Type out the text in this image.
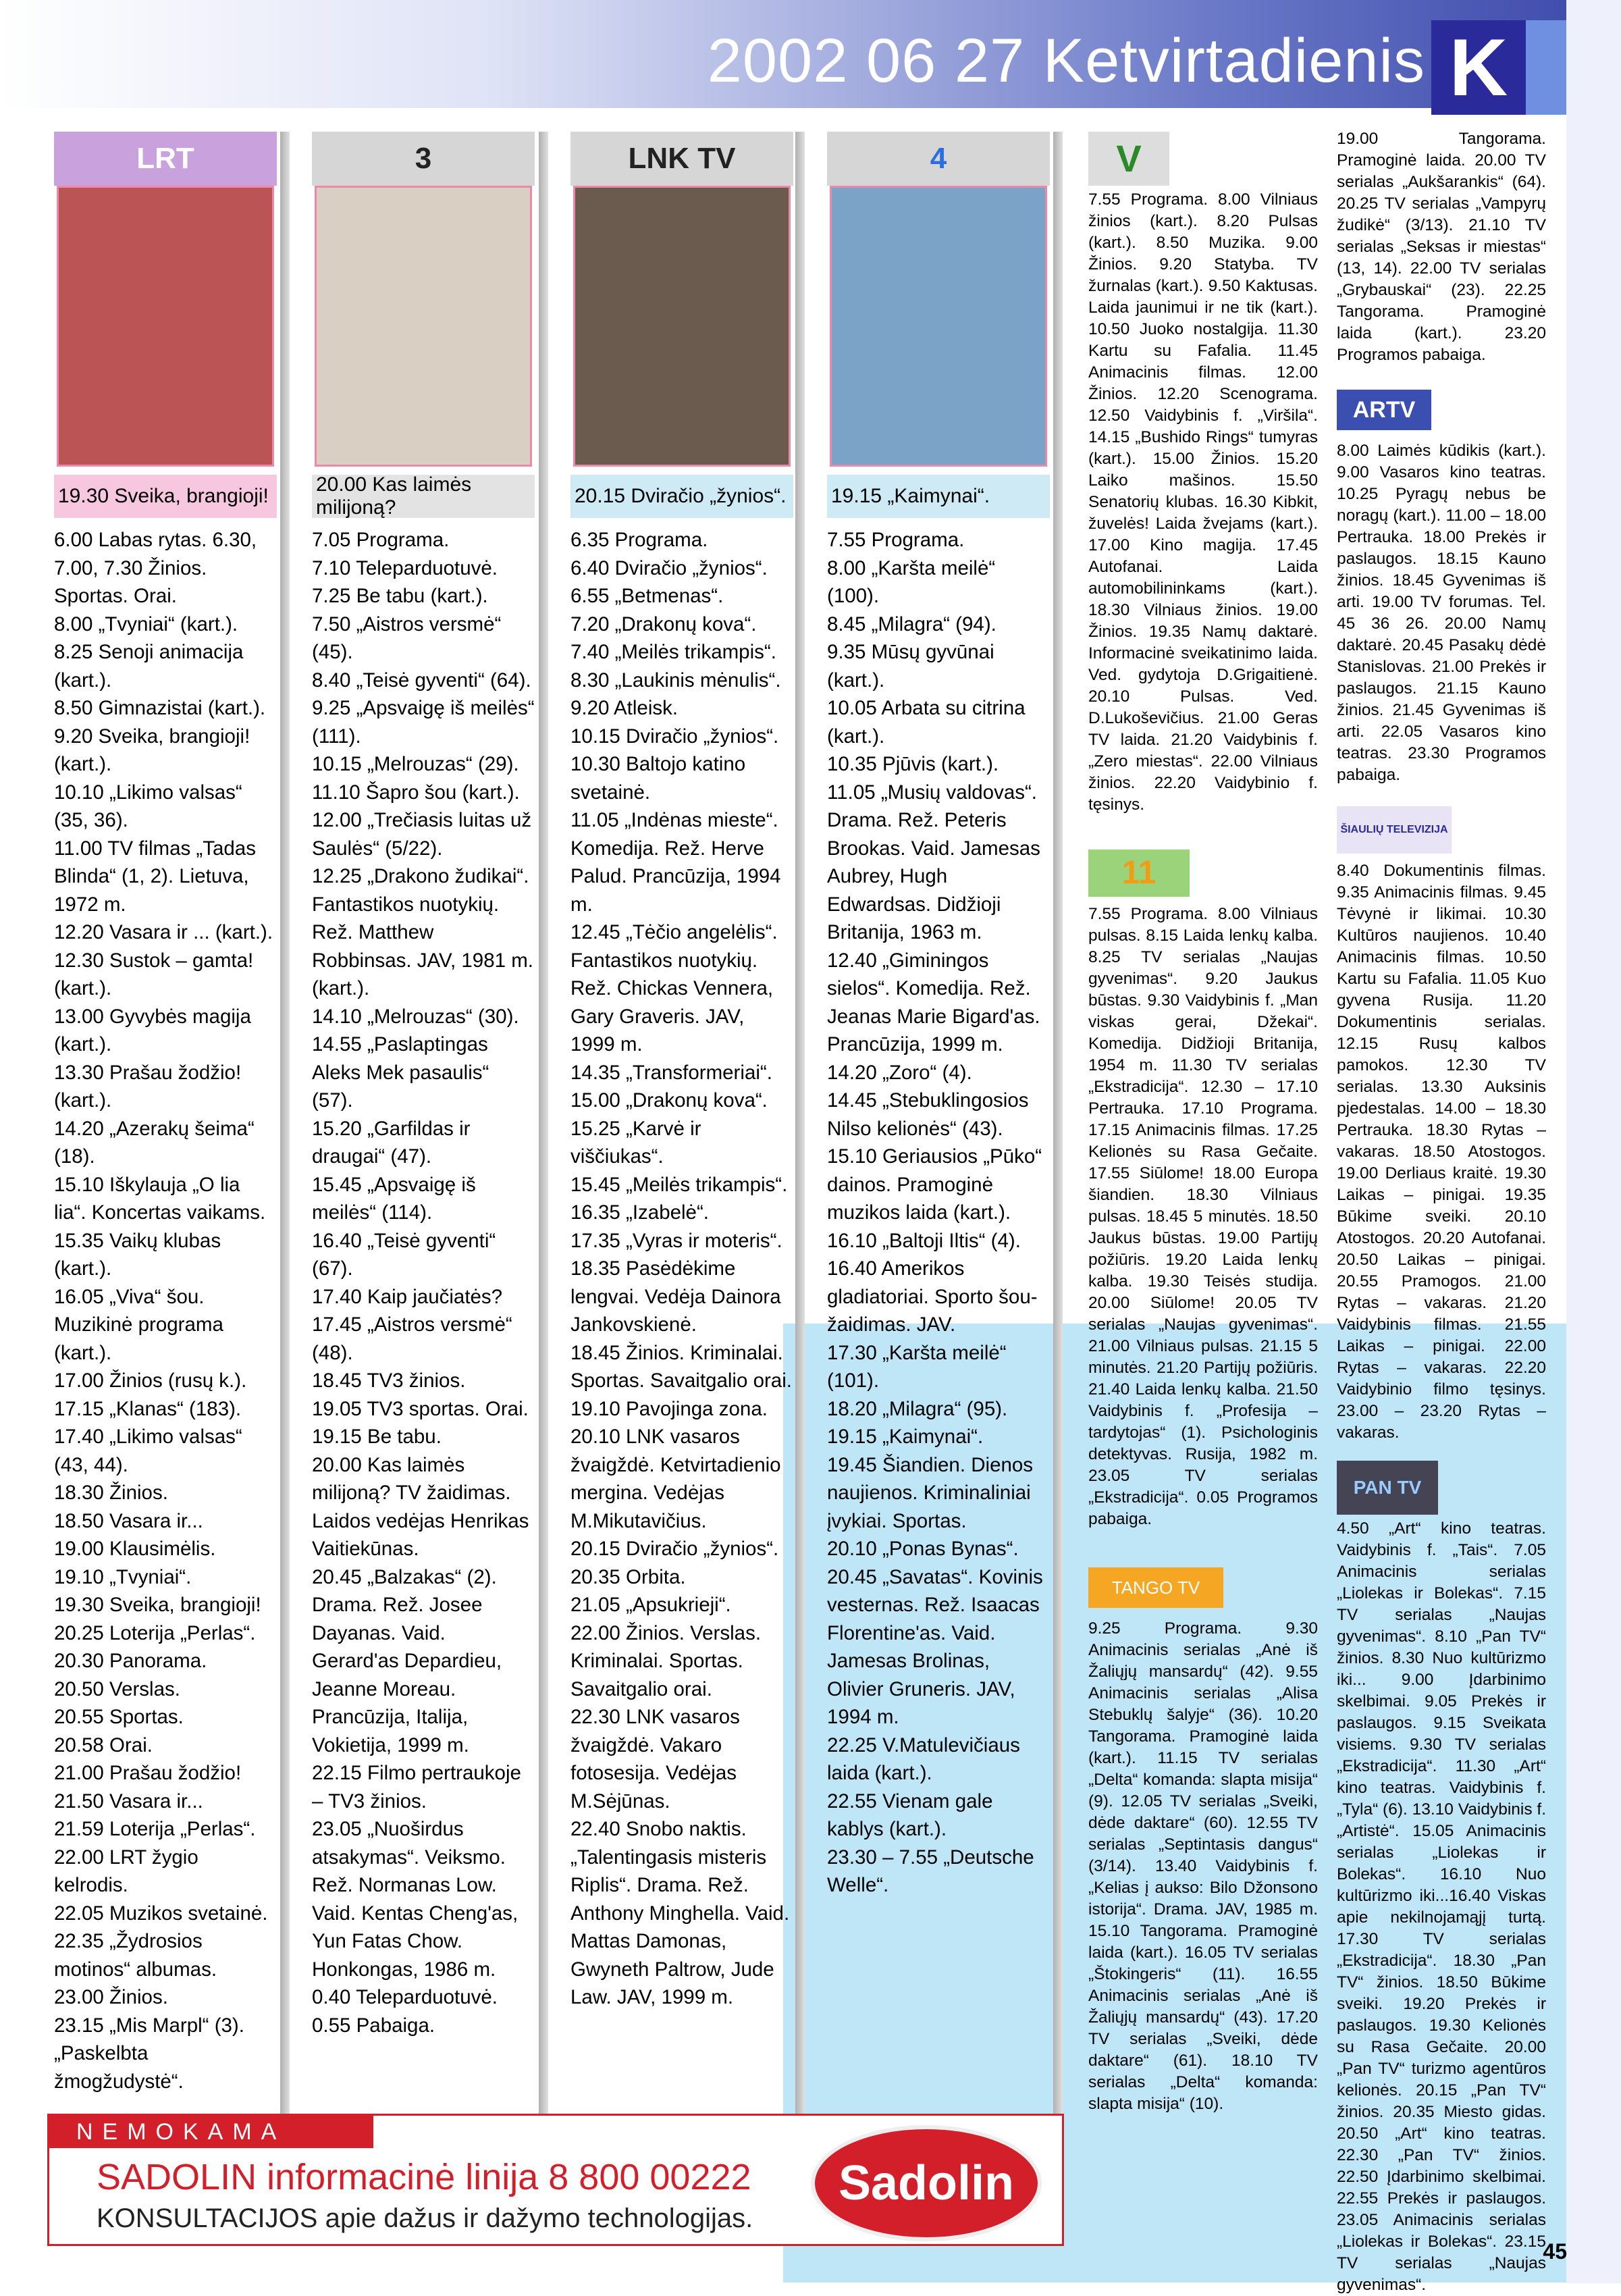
2002 06 27 Ketvirtadienis K
LRT
19.30 Sveika, brangioji!
6.00 Labas rytas. 6.30, 7.00, 7.30 Žinios. Sportas. Orai.
8.00 „Tvyniai“ (kart.).
8.25 Senoji animacija (kart.).
8.50 Gimnazistai (kart.).
9.20 Sveika, brangioji! (kart.).
10.10 „Likimo valsas“ (35, 36).
11.00 TV filmas „Tadas Blinda“ (1, 2). Lietuva, 1972 m.
12.20 Vasara ir ... (kart.).
12.30 Sustok – gamta! (kart.).
13.00 Gyvybės magija (kart.).
13.30 Prašau žodžio! (kart.).
14.20 „Azerakų šeima“ (18).
15.10 Iškylauja „O lia lia“. Koncertas vaikams.
15.35 Vaikų klubas (kart.).
16.05 „Viva“ šou. Muzikinė programa (kart.).
17.00 Žinios (rusų k.).
17.15 „Klanas“ (183).
17.40 „Likimo valsas“ (43, 44).
18.30 Žinios.
18.50 Vasara ir...
19.00 Klausimėlis.
19.10 „Tvyniai“.
19.30 Sveika, brangioji!
20.25 Loterija „Perlas“.
20.30 Panorama.
20.50 Verslas.
20.55 Sportas.
20.58 Orai.
21.00 Prašau žodžio!
21.50 Vasara ir...
21.59 Loterija „Perlas“.
22.00 LRT žygio kelrodis.
22.05 Muzikos svetainė.
22.35 „Žydrosios motinos“ albumas.
23.00 Žinios.
23.15 „Mis Marpl“ (3). „Paskelbta žmogžudystė“.
3
20.00 Kas laimės milijoną?
7.05 Programa.
7.10 Teleparduotuvė.
7.25 Be tabu (kart.).
7.50 „Aistros versmė“ (45).
8.40 „Teisė gyventi“ (64).
9.25 „Apsvaigę iš meilės“ (111).
10.15 „Melrouzas“ (29).
11.10 Šapro šou (kart.).
12.00 „Trečiasis luitas už Saulės“ (5/22).
12.25 „Drakono žudikai“. Fantastikos nuotykių. Rež. Matthew Robbinsas. JAV, 1981 m. (kart.).
14.10 „Melrouzas“ (30).
14.55 „Paslaptingas Aleks Mek pasaulis“ (57).
15.20 „Garfildas ir draugai“ (47).
15.45 „Apsvaigę iš meilės“ (114).
16.40 „Teisė gyventi“ (67).
17.40 Kaip jaučiatės?
17.45 „Aistros versmė“ (48).
18.45 TV3 žinios.
19.05 TV3 sportas. Orai.
19.15 Be tabu.
20.00 Kas laimės milijoną? TV žaidimas. Laidos vedėjas Henrikas Vaitiekūnas.
20.45 „Balzakas“ (2). Drama. Rež. Josee Dayanas. Vaid. Gerard'as Depardieu, Jeanne Moreau. Prancūzija, Italija, Vokietija, 1999 m.
22.15 Filmo pertraukoje – TV3 žinios.
23.05 „Nuoširdus atsakymas“. Veiksmo. Rež. Normanas Low. Vaid. Kentas Cheng'as, Yun Fatas Chow. Honkongas, 1986 m.
0.40 Teleparduotuvė.
0.55 Pabaiga.
LNK TV
20.15 Dviračio „žynios“.
6.35 Programa.
6.40 Dviračio „žynios“.
6.55 „Betmenas“.
7.20 „Drakonų kova“.
7.40 „Meilės trikampis“.
8.30 „Laukinis mėnulis“.
9.20 Atleisk.
10.15 Dviračio „žynios“.
10.30 Baltojo katino svetainė.
11.05 „Indėnas mieste“. Komedija. Rež. Herve Palud. Prancūzija, 1994 m.
12.45 „Tėčio angelėlis“. Fantastikos nuotykių. Rež. Chickas Vennera, Gary Graveris. JAV, 1999 m.
14.35 „Transformeriai“.
15.00 „Drakonų kova“.
15.25 „Karvė ir viščiukas“.
15.45 „Meilės trikampis“.
16.35 „Izabelė“.
17.35 „Vyras ir moteris“.
18.35 Pasėdėkime lengvai. Vedėja Dainora Jankovskienė.
18.45 Žinios. Kriminalai. Sportas. Savaitgalio orai.
19.10 Pavojinga zona.
20.10 LNK vasaros žvaigždė. Ketvirtadienio mergina. Vedėjas M.Mikutavičius.
20.15 Dviračio „žynios“.
20.35 Orbita.
21.05 „Apsukrieji“.
22.00 Žinios. Verslas. Kriminalai. Sportas. Savaitgalio orai.
22.30 LNK vasaros žvaigždė. Vakaro fotosesija. Vedėjas M.Sėjūnas.
22.40 Snobo naktis. „Talentingasis misteris Riplis“. Drama. Rež. Anthony Minghella. Vaid. Mattas Damonas, Gwyneth Paltrow, Jude Law. JAV, 1999 m.
4
19.15 „Kaimynai“.
7.55 Programa.
8.00 „Karšta meilė“ (100).
8.45 „Milagra“ (94).
9.35 Mūsų gyvūnai (kart.).
10.05 Arbata su citrina (kart.).
10.35 Pjūvis (kart.).
11.05 „Musių valdovas“. Drama. Rež. Peteris Brookas. Vaid. Jamesas Aubrey, Hugh Edwardsas. Didžioji Britanija, 1963 m.
12.40 „Giminingos sielos“. Komedija. Rež. Jeanas Marie Bigard'as. Prancūzija, 1999 m.
14.20 „Zoro“ (4).
14.45 „Stebuklingosios Nilso kelionės“ (43).
15.10 Geriausios „Pūko“ dainos. Pramoginė muzikos laida (kart.).
16.10 „Baltoji Iltis“ (4).
16.40 Amerikos gladiatoriai. Sporto šou-žaidimas. JAV.
17.30 „Karšta meilė“ (101).
18.20 „Milagra“ (95).
19.15 „Kaimynai“.
19.45 Šiandien. Dienos naujienos. Kriminaliniai įvykiai. Sportas.
20.10 „Ponas Bynas“.
20.45 „Savatas“. Kovinis vesternas. Rež. Isaacas Florentine'as. Vaid. Jamesas Brolinas, Olivier Gruneris. JAV, 1994 m.
22.25 V.Matulevičiaus laida (kart.).
22.55 Vienam gale kablys (kart.).
23.30 – 7.55 „Deutsche Welle“.
V
7.55 Programa. 8.00 Vilniaus žinios (kart.). 8.20 Pulsas (kart.). 8.50 Muzika. 9.00 Žinios. 9.20 Statyba. TV žurnalas (kart.). 9.50 Kaktusas. Laida jaunimui ir ne tik (kart.). 10.50 Juoko nostalgija. 11.30 Kartu su Fafalia. 11.45 Animacinis filmas. 12.00 Žinios. 12.20 Scenograma. 12.50 Vaidybinis f. „Viršila“. 14.15 „Bushido Rings“ tumyras (kart.). 15.00 Žinios. 15.20 Laiko mašinos. 15.50 Senatorių klubas. 16.30 Kibkit, žuvelės! Laida žvejams (kart.). 17.00 Kino magija. 17.45 Autofanai. Laida automobilininkams (kart.). 18.30 Vilniaus žinios. 19.00 Žinios. 19.35 Namų daktarė. Informacinė sveikatinimo laida. Ved. gydytoja D.Grigaitienė. 20.10 Pulsas. Ved. D.Lukoševičius. 21.00 Geras TV laida. 21.20 Vaidybinis f. „Zero miestas“. 22.00 Vilniaus žinios. 22.20 Vaidybinio f. tęsinys.
11
7.55 Programa. 8.00 Vilniaus pulsas. 8.15 Laida lenkų kalba. 8.25 TV serialas „Naujas gyvenimas“. 9.20 Jaukus būstas. 9.30 Vaidybinis f. „Man viskas gerai, Džekai“. Komedija. Didžioji Britanija, 1954 m. 11.30 TV serialas „Ekstradicija“. 12.30 – 17.10 Pertrauka. 17.10 Programa. 17.15 Animacinis filmas. 17.25 Kelionės su Rasa Gečaite. 17.55 Siūlome! 18.00 Europa šiandien. 18.30 Vilniaus pulsas. 18.45 5 minutės. 18.50 Jaukus būstas. 19.00 Partijų požiūris. 19.20 Laida lenkų kalba. 19.30 Teisės studija. 20.00 Siūlome! 20.05 TV serialas „Naujas gyvenimas“. 21.00 Vilniaus pulsas. 21.15 5 minutės. 21.20 Partijų požiūris. 21.40 Laida lenkų kalba. 21.50 Vaidybinis f. „Profesija – tardytojas“ (1). Psichologinis detektyvas. Rusija, 1982 m. 23.05 TV serialas „Ekstradicija“. 0.05 Programos pabaiga.
TANGO TV
9.25 Programa. 9.30 Animacinis serialas „Anė iš Žaliųjų mansardų“ (42). 9.55 Animacinis serialas „Alisa Stebuklų šalyje“ (36). 10.20 Tangorama. Pramoginė laida (kart.). 11.15 TV serialas „Delta“ komanda: slapta misija“ (9). 12.05 TV serialas „Sveiki, dėde daktare“ (60). 12.55 TV serialas „Septintasis dangus“ (3/14). 13.40 Vaidybinis f. „Kelias į aukso: Bilo Džonsono istorija“. Drama. JAV, 1985 m. 15.10 Tangorama. Pramoginė laida (kart.). 16.05 TV serialas „Štokingeris“ (11). 16.55 Animacinis serialas „Anė iš Žaliųjų mansardų“ (43). 17.20 TV serialas „Sveiki, dėde daktare“ (61). 18.10 TV serialas „Delta“ komanda: slapta misija“ (10).
19.00 Tangorama. Pramoginė laida. 20.00 TV serialas „Aukšarankis“ (64). 20.25 TV serialas „Vampyrų žudikė“ (3/13). 21.10 TV serialas „Seksas ir miestas“ (13, 14). 22.00 TV serialas „Grybauskai“ (23). 22.25 Tangorama. Pramoginė laida (kart.). 23.20 Programos pabaiga.
ARTV
8.00 Laimės kūdikis (kart.). 9.00 Vasaros kino teatras. 10.25 Pyragų nebus be noragų (kart.). 11.00 – 18.00 Pertrauka. 18.00 Prekės ir paslaugos. 18.15 Kauno žinios. 18.45 Gyvenimas iš arti. 19.00 TV forumas. Tel. 45 36 26. 20.00 Namų daktarė. 20.45 Pasakų dėdė Stanislovas. 21.00 Prekės ir paslaugos. 21.15 Kauno žinios. 21.45 Gyvenimas iš arti. 22.05 Vasaros kino teatras. 23.30 Programos pabaiga.
ŠIAULIŲ TELEVIZIJA
8.40 Dokumentinis filmas. 9.35 Animacinis filmas. 9.45 Tėvynė ir likimai. 10.30 Kultūros naujienos. 10.40 Animacinis filmas. 10.50 Kartu su Fafalia. 11.05 Kuo gyvena Rusija. 11.20 Dokumentinis serialas. 12.15 Rusų kalbos pamokos. 12.30 TV serialas. 13.30 Auksinis pjedestalas. 14.00 – 18.30 Pertrauka. 18.30 Rytas – vakaras. 18.50 Atostogos. 19.00 Derliaus kraitė. 19.30 Laikas – pinigai. 19.35 Būkime sveiki. 20.10 Atostogos. 20.20 Autofanai. 20.50 Laikas – pinigai. 20.55 Pramogos. 21.00 Rytas – vakaras. 21.20 Vaidybinis filmas. 21.55 Laikas – pinigai. 22.00 Rytas – vakaras. 22.20 Vaidybinio filmo tęsinys. 23.00 – 23.20 Rytas – vakaras.
PAN TV
4.50 „Art“ kino teatras. Vaidybinis f. „Tais“. 7.05 Animacinis serialas „Liolekas ir Bolekas“. 7.15 TV serialas „Naujas gyvenimas“. 8.10 „Pan TV“ žinios. 8.30 Nuo kultūrizmo iki... 9.00 Įdarbinimo skelbimai. 9.05 Prekės ir paslaugos. 9.15 Sveikata visiems. 9.30 TV serialas „Ekstradicija“. 11.30 „Art“ kino teatras. Vaidybinis f. „Tyla“ (6). 13.10 Vaidybinis f. „Artistė“. 15.05 Animacinis serialas „Liolekas ir Bolekas“. 16.10 Nuo kultūrizmo iki...16.40 Viskas apie nekilnojamąjį turtą. 17.30 TV serialas „Ekstradicija“. 18.30 „Pan TV“ žinios. 18.50 Būkime sveiki. 19.20 Prekės ir paslaugos. 19.30 Kelionės su Rasa Gečaite. 20.00 „Pan TV“ turizmo agentūros kelionės. 20.15 „Pan TV“ žinios. 20.35 Miesto gidas. 20.50 „Art“ kino teatras. 22.30 „Pan TV“ žinios. 22.50 Įdarbinimo skelbimai. 22.55 Prekės ir paslaugos. 23.05 Animacinis serialas „Liolekas ir Bolekas“. 23.15 TV serialas „Naujas gyvenimas“.
NEMOKAMA
SADOLIN informacinė linija 8 800 00222
KONSULTACIJOS apie dažus ir dažymo technologijas.
Sadolin
45
